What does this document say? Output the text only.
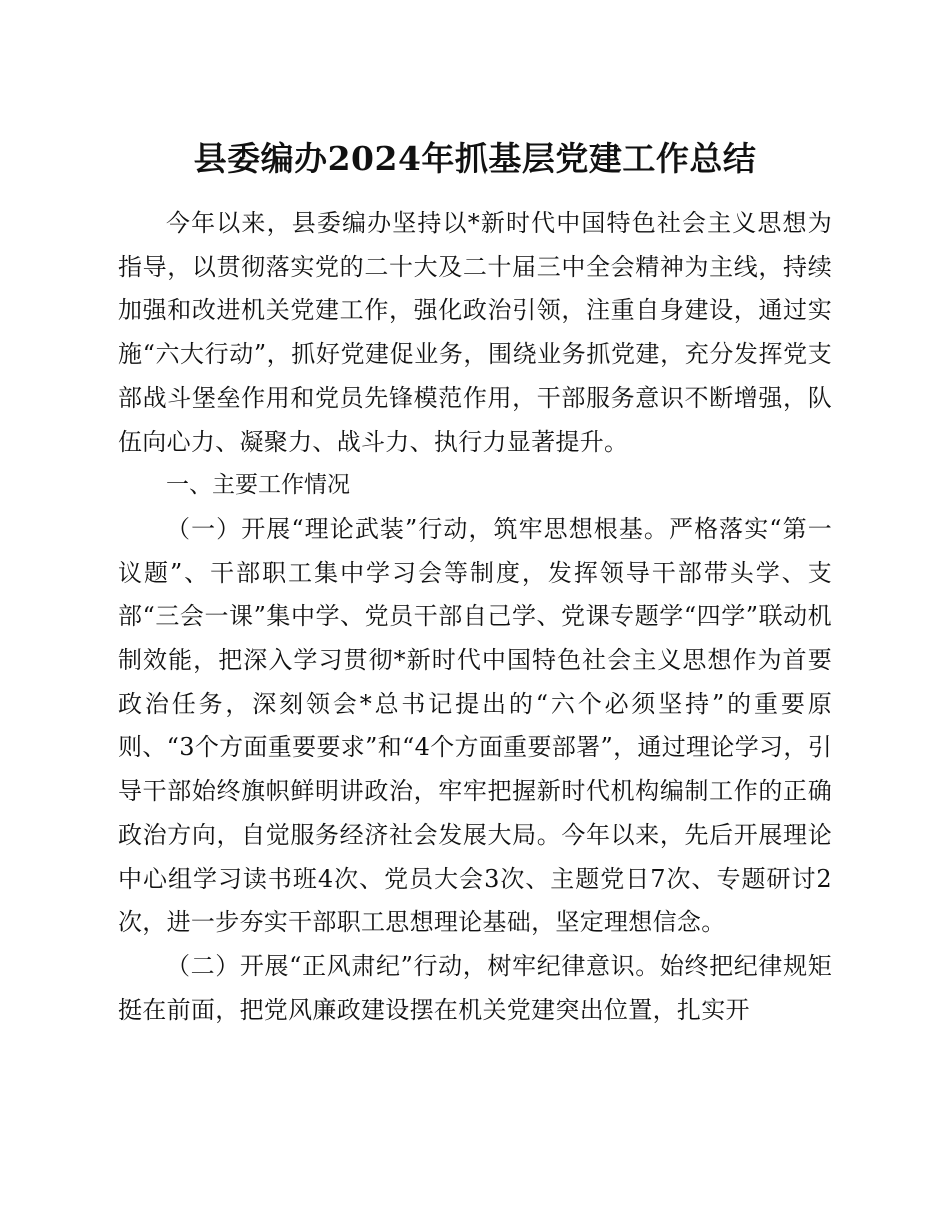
县委编办2024年抓基层党建工作总结

今年以来，县委编办坚持以*新时代中国特色社会主义思想为指导，以贯彻落实党的二十大及二十届三中全会精神为主线，持续加强和改进机关党建工作，强化政治引领，注重自身建设，通过实施“六大行动”，抓好党建促业务，围绕业务抓党建，充分发挥党支部战斗堡垒作用和党员先锋模范作用，干部服务意识不断增强，队伍向心力、凝聚力、战斗力、执行力显著提升。

一、主要工作情况

（一）开展“理论武装”行动，筑牢思想根基。严格落实“第一议题”、干部职工集中学习会等制度，发挥领导干部带头学、支部“三会一课”集中学、党员干部自己学、党课专题学“四学”联动机制效能，把深入学习贯彻*新时代中国特色社会主义思想作为首要政治任务，深刻领会*总书记提出的“六个必须坚持”的重要原则、“3个方面重要要求”和“4个方面重要部署”，通过理论学习，引导干部始终旗帜鲜明讲政治，牢牢把握新时代机构编制工作的正确政治方向，自觉服务经济社会发展大局。今年以来，先后开展理论中心组学习读书班4次、党员大会3次、主题党日7次、专题研讨2次，进一步夯实干部职工思想理论基础，坚定理想信念。

（二）开展“正风肃纪”行动，树牢纪律意识。始终把纪律规矩挺在前面，把党风廉政建设摆在机关党建突出位置，扎实开
